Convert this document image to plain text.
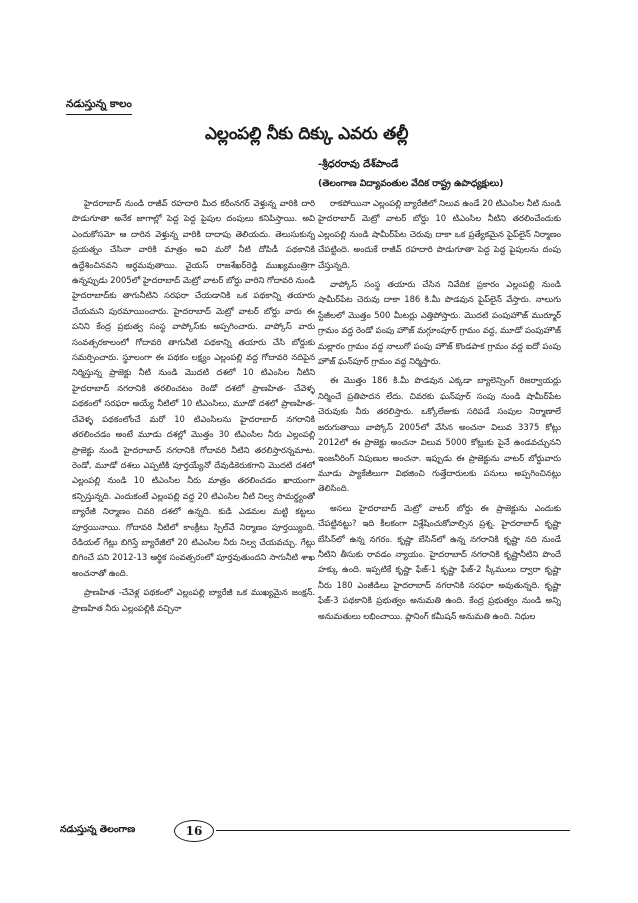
నడుస్తున్న కాలం
ఎల్లంపల్లి నీకు దిక్కు ఎవరు తల్లీ
-శ్రీధరరావు దేశ్‌పాండే
(తెలంగాణ విద్యావంతుల వేదిక రాష్ట్ర ఉపాధ్యక్షులు)

హైదరాబాద్ నుండి రాజీవ్ రహదారి మీద కరీంనగర్ వెళ్తున్న వారికి దారి పొడుగూతా అనేక జాగాల్లో పెద్ద పెద్ద పైపుల దంపులు కనిపిస్తాయి. అవి ఎందుకోసమో ఆ దారిన వెళ్తున్న వారికి దాదాపు తెలియదు. తెలుసుకున్న ప్రయత్నం చేసినా వారికి మాత్రం అవి మరో నీటి దోపిడీ పథకానికి ఉద్దేశించినవని అర్థమవుతాయి. వైయస్ రాజశేఖర్‌రెడ్డి ముఖ్యమంత్రిగా ఉన్నప్పుడు 2005లో హైదరాబాద్ మెట్రో వాటర్ బోర్డు వారిని గోదావరి నుండి హైదరాబాద్‌కు తాగునీటిని సరఫరా చేయడానికి ఒక పథకాన్ని తయారు చేయమని పురమాయించారు. హైదరాబాద్ మెట్రో వాటర్ బోర్డు వారు ఈ పనిని కేంద్ర ప్రభుత్వ సంస్థ వాప్కోస్‌కు అప్పగించారు. వాప్కోస్ వారు సంవత్సరకాలంలో గోదావరి తాగునీటి పథకాన్ని తయారు చేసి బోర్డుకు సమర్పించారు. స్థూలంగా ఈ పథకం లక్ష్యం ఎల్లంపల్లి వద్ద గోదావరి నదిపైన నిర్మిస్తున్న ప్రాజెక్టు నీటి నుండి మొదటి దశలో 10 టిఎంసిల నీటిని హైదరాబాద్ నగరానికి తరలించటం రెండో దశలో ప్రాణహిత- చేవెళ్ళ పథకంలో సరఫరా అయ్యే నీటిలో 10 టిఎంసిలు, మూడో దశలో ప్రాణహిత- చేవెళ్ళ పథకంలోంచే మరో 10 టిఎంసిలను హైదరాబాద్ నగరానికి తరలించడం అంటే మూడు దశల్లో మొత్తం 30 టిఎంసిల నీరు ఎల్లంపల్లి ప్రాజెక్టు నుండి హైదరాబాద్ నగరానికి గోదావరి నీటిని తరలిస్తారన్నమాట. రెండో, మూడో దశలు ఎప్పటికి పూర్తయ్యేనో దేవుడికెరుకగాని మొదటి దశలో ఎల్లంపల్లి నుండి 10 టిఎంసిల నీరు మాత్రం తరలించడం ఖాయంగా కన్పిస్తున్నది. ఎందుకంటే ఎల్లంపల్లి వద్ద 20 టిఎంసిల నీటి నిల్వ సామర్థ్యంతో బ్యారేజీ నిర్మాణం చివరి దశలో ఉన్నది. కుడి ఎడమల మట్టి కట్టలు పూర్తయినాయి. గోదావరి నీటిలో కాంక్రీటు స్పిల్‌వే నిర్మాణం పూర్తయ్యింది. రేడియల్ గేట్లు బిగిస్తే బ్యారేజీలో 20 టిఎంసిల నీరు నిల్వ చేయవచ్చు. గేట్లు బిగించే పని 2012-13 ఆర్థిక సంవత్సరంలో పూర్తవుతుందని సాగునీటి శాఖ అంచనాతో ఉంది.

ప్రాణహిత -చేవెళ్ల పథకంలో ఎల్లంపల్లి బ్యారేజీ ఒక ముఖ్యమైన జంక్షన్. ప్రాణహిత నీరు ఎల్లంపల్లికి వచ్చినా

రాకపోయినా ఎల్లంపల్లి బ్యారేజీలో నిలువ ఉండే 20 టిఎంసిల నీటి నుండి హైదరాబాద్ మెట్రో వాటర్ బోర్డు 10 టిఎంసిల నీటిని తరలించేందుకు ఎల్లంపల్లి నుండి షామీర్‌పేట చెరువు దాకా ఒక ప్రత్యేకమైన పైప్‌లైన్ నిర్మాణం చేపట్టింది. అందుకే రాజీవ్ రహదారి పొడుగూతా పెద్ద పెద్ద పైపులను దంపు చేస్తున్నది.

వాప్కోస్ సంస్థ తయారు చేసిన నివేదిక ప్రకారం ఎల్లంపల్లి నుండి షామీర్‌పేట చెరువు దాకా 186 కి.మీ పొడవున పైప్‌లైన్ వేస్తారు. నాలుగు స్టేజీలలో మొత్తం 500 మీటర్లు ఎత్తిపోస్తారు. మొదటి పంపుహౌజ్ ముర్మూర్ గ్రామం వద్ద రెండో పంపు హౌజ్ మగ్గూంపూర్ గ్రామం వద్ద, మూడో పంపుహౌజ్ మల్లారం గ్రామం వద్ద నాలుగో పంపు హౌజ్ కొండపాక గ్రామం వద్ద ఐదో పంపు హౌజ్ ఘన్‌పూర్ గ్రామం వద్ద నిర్మిస్తారు.

ఈ మొత్తం 186 కి.మీ పొడవున ఎక్కడా బ్యాలెన్సింగ్ రిజర్వాయర్లు నిర్మించే ప్రతిపాదన లేదు. చివరకు ఘన్‌పూర్ సంపు నుండి షామీర్‌పేట చెరువుకు నీరు తరలిస్తారు. ఒక్కోలేజుకు సరిపడే సంపుల నిర్మాణాలే జరుగుతాయి వాప్కోస్ 2005లో వేసిన అంచనా విలువ 3375 కోట్లు 2012లో ఈ ప్రాజెక్టు అంచనా విలువ 5000 కోట్లుకు పైనే ఉండవచ్చునని ఇంజనీరింగ్ నిపుణుల అంచనా. ఇప్పుడు ఈ ప్రాజెక్టును వాటర్ బోర్డువారు మూడు ప్యాకేజీలుగా విభజించి గుత్తేదారులకు పనులు అప్పగించినట్లు తెలిసింది.

అసలు హైదరాబాద్ మెట్రో వాటర్ బోర్డు ఈ ప్రాజెక్టును ఎందుకు చేపట్టినట్టు? ఇది కీలకంగా విశ్లేషించుకోవాల్సిన ప్రశ్న. హైదరాబాద్ కృష్ణా బేసిన్‌లో ఉన్న నగరం. కృష్ణా బేసిన్‌లో ఉన్న నగరానికి కృష్ణా నది నుండే నీటిని తీసుకు రావడం న్యాయం. హైదరాబాద్ నగరానికి కృష్ణానీటిని పొందే హక్కు ఉంది. ఇప్పటికే కృష్ణా ఫేజ్-1 కృష్ణా ఫేజ్-2 స్కీములు ద్వారా కృష్ణా నీరు 180 ఎంజీడిలు హైదరాబాద్ నగరానికి సరఫరా అవుతున్నది. కృష్ణా ఫేజ్-3 పథకానికి ప్రభుత్వం అనుమతి ఉంది. కేంద్ర ప్రభుత్వం నుండి అన్ని అనుమతులు లభించాయి. ప్లానింగ్ కమీషన్ అనుమతి ఉంది. నిధుల

నడుస్తున్న తెలంగాణ	16
